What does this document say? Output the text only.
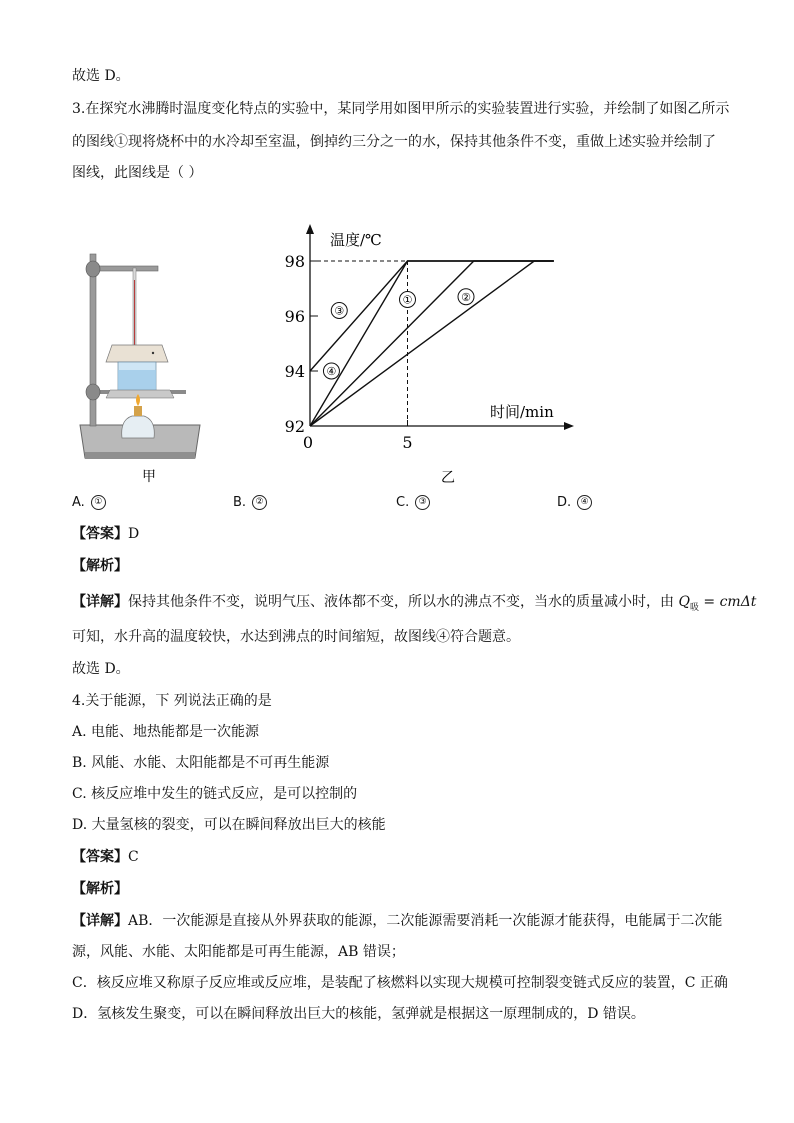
故选 D。
3.在探究水沸腾时温度变化特点的实验中，某同学用如图甲所示的实验装置进行实验，并绘制了如图乙所示
的图线①现将烧杯中的水冷却至室温，倒掉约三分之一的水，保持其他条件不变，重做上述实验并绘制了
图线，此图线是（ ）
甲
温度/℃
时间/min
乙
92
94
96
98
0	5
①	②
③
④
A. ①	B. ②	C. ③	D. ④
【答案】D
【解析】
【详解】保持其他条件不变，说明气压、液体都不变，所以水的沸点不变，当水的质量减小时，由 $Q_吸 = cm\Delta t$
可知，水升高的温度较快，水达到沸点的时间缩短，故图线④符合题意。
故选 D。
4.关于能源，下 列说法正确的是
A. 电能、地热能都是一次能源
B. 风能、水能、太阳能都是不可再生能源
C. 核反应堆中发生的链式反应，是可以控制的
D. 大量氢核的裂变，可以在瞬间释放出巨大的核能
【答案】C
【解析】
【详解】AB．一次能源是直接从外界获取的能源，二次能源需要消耗一次能源才能获得，电能属于二次能
源，风能、水能、太阳能都是可再生能源，AB 错误；
C．核反应堆又称原子反应堆或反应堆，是装配了核燃料以实现大规模可控制裂变链式反应的装置，C 正确
D．氢核发生聚变，可以在瞬间释放出巨大的核能，氢弹就是根据这一原理制成的，D 错误。
